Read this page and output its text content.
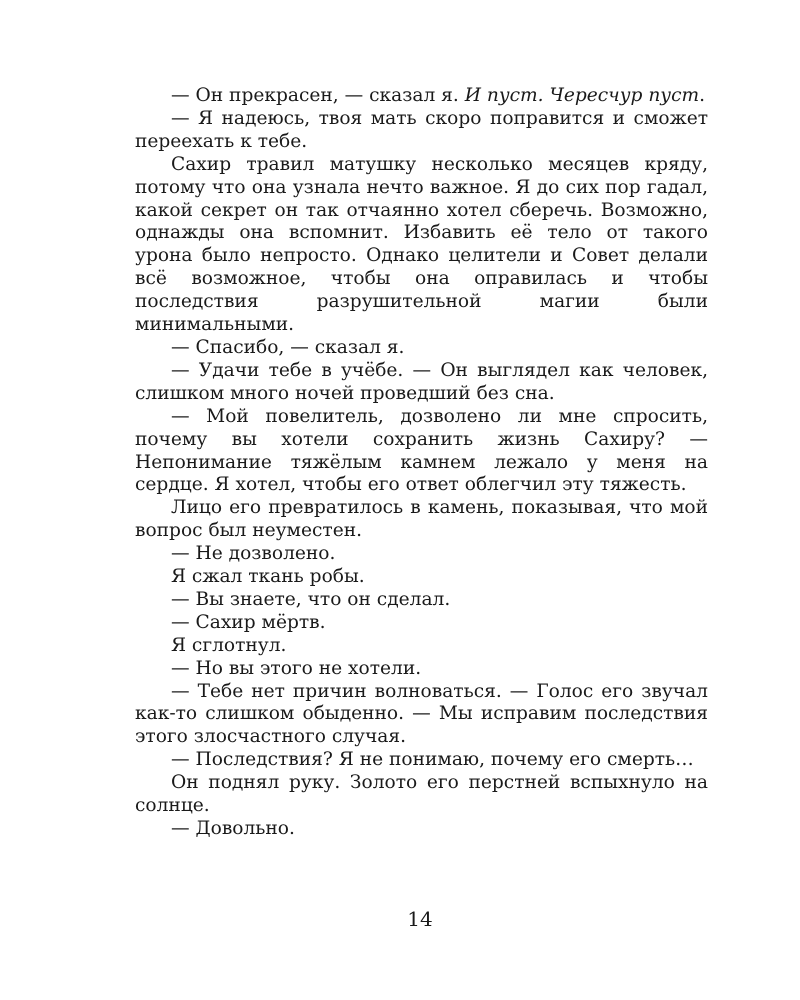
— Он прекрасен, — сказал я. И пуст. Чересчур пуст.

— Я надеюсь, твоя мать скоро поправится и сможет переехать к тебе.

Сахир травил матушку несколько месяцев кряду, потому что она узнала нечто важное. Я до сих пор гадал, какой секрет он так отчаянно хотел сберечь. Возможно, однажды она вспомнит. Избавить её тело от такого урона было непросто. Однако целители и Совет делали всё возможное, чтобы она оправилась и чтобы последствия разрушительной магии были минимальными.

— Спасибо, — сказал я.

— Удачи тебе в учёбе. — Он выглядел как человек, слишком много ночей проведший без сна.

— Мой повелитель, дозволено ли мне спросить, почему вы хотели сохранить жизнь Сахиру? — Непонимание тяжёлым камнем лежало у меня на сердце. Я хотел, чтобы его ответ облегчил эту тяжесть.

Лицо его превратилось в камень, показывая, что мой вопрос был неуместен.

— Не дозволено.

Я сжал ткань робы.

— Вы знаете, что он сделал.

— Сахир мёртв.

Я сглотнул.

— Но вы этого не хотели.

— Тебе нет причин волноваться. — Голос его звучал как-то слишком обыденно. — Мы исправим последствия этого злосчастного случая.

— Последствия? Я не понимаю, почему его смерть…

Он поднял руку. Золото его перстней вспыхнуло на солнце.

— Довольно.

14
